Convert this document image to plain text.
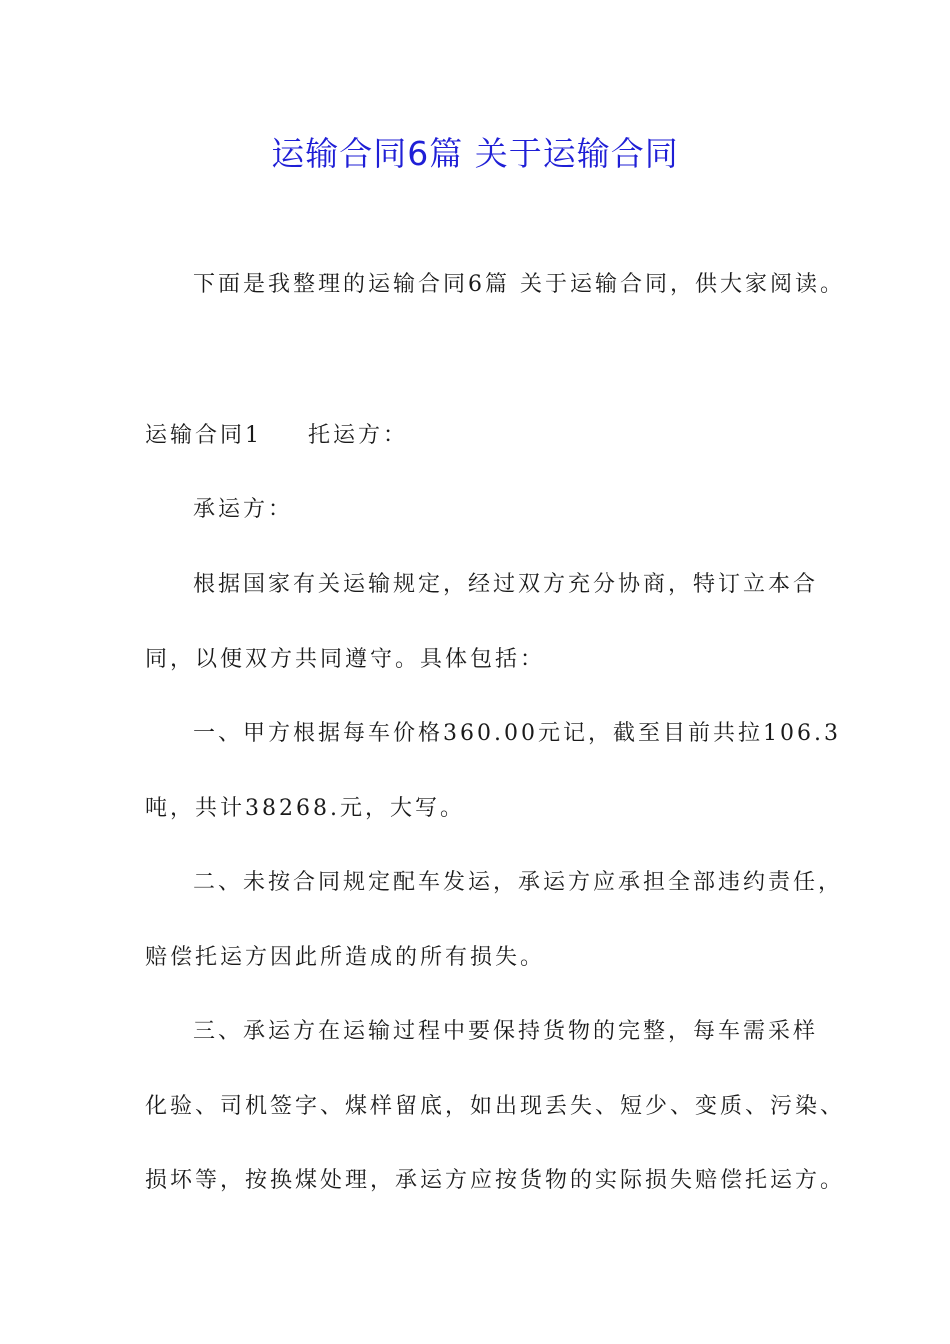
运输合同6篇 关于运输合同

下面是我整理的运输合同6篇 关于运输合同，供大家阅读。

运输合同1 托运方：

承运方：

根据国家有关运输规定，经过双方充分协商，特订立本合

同，以便双方共同遵守。具体包括：

一、甲方根据每车价格360.00元记，截至目前共拉106.3

吨，共计38268.元，大写。

二、未按合同规定配车发运，承运方应承担全部违约责任，

赔偿托运方因此所造成的所有损失。

三、承运方在运输过程中要保持货物的完整，每车需采样

化验、司机签字、煤样留底，如出现丢失、短少、变质、污染、

损坏等，按换煤处理，承运方应按货物的实际损失赔偿托运方。
